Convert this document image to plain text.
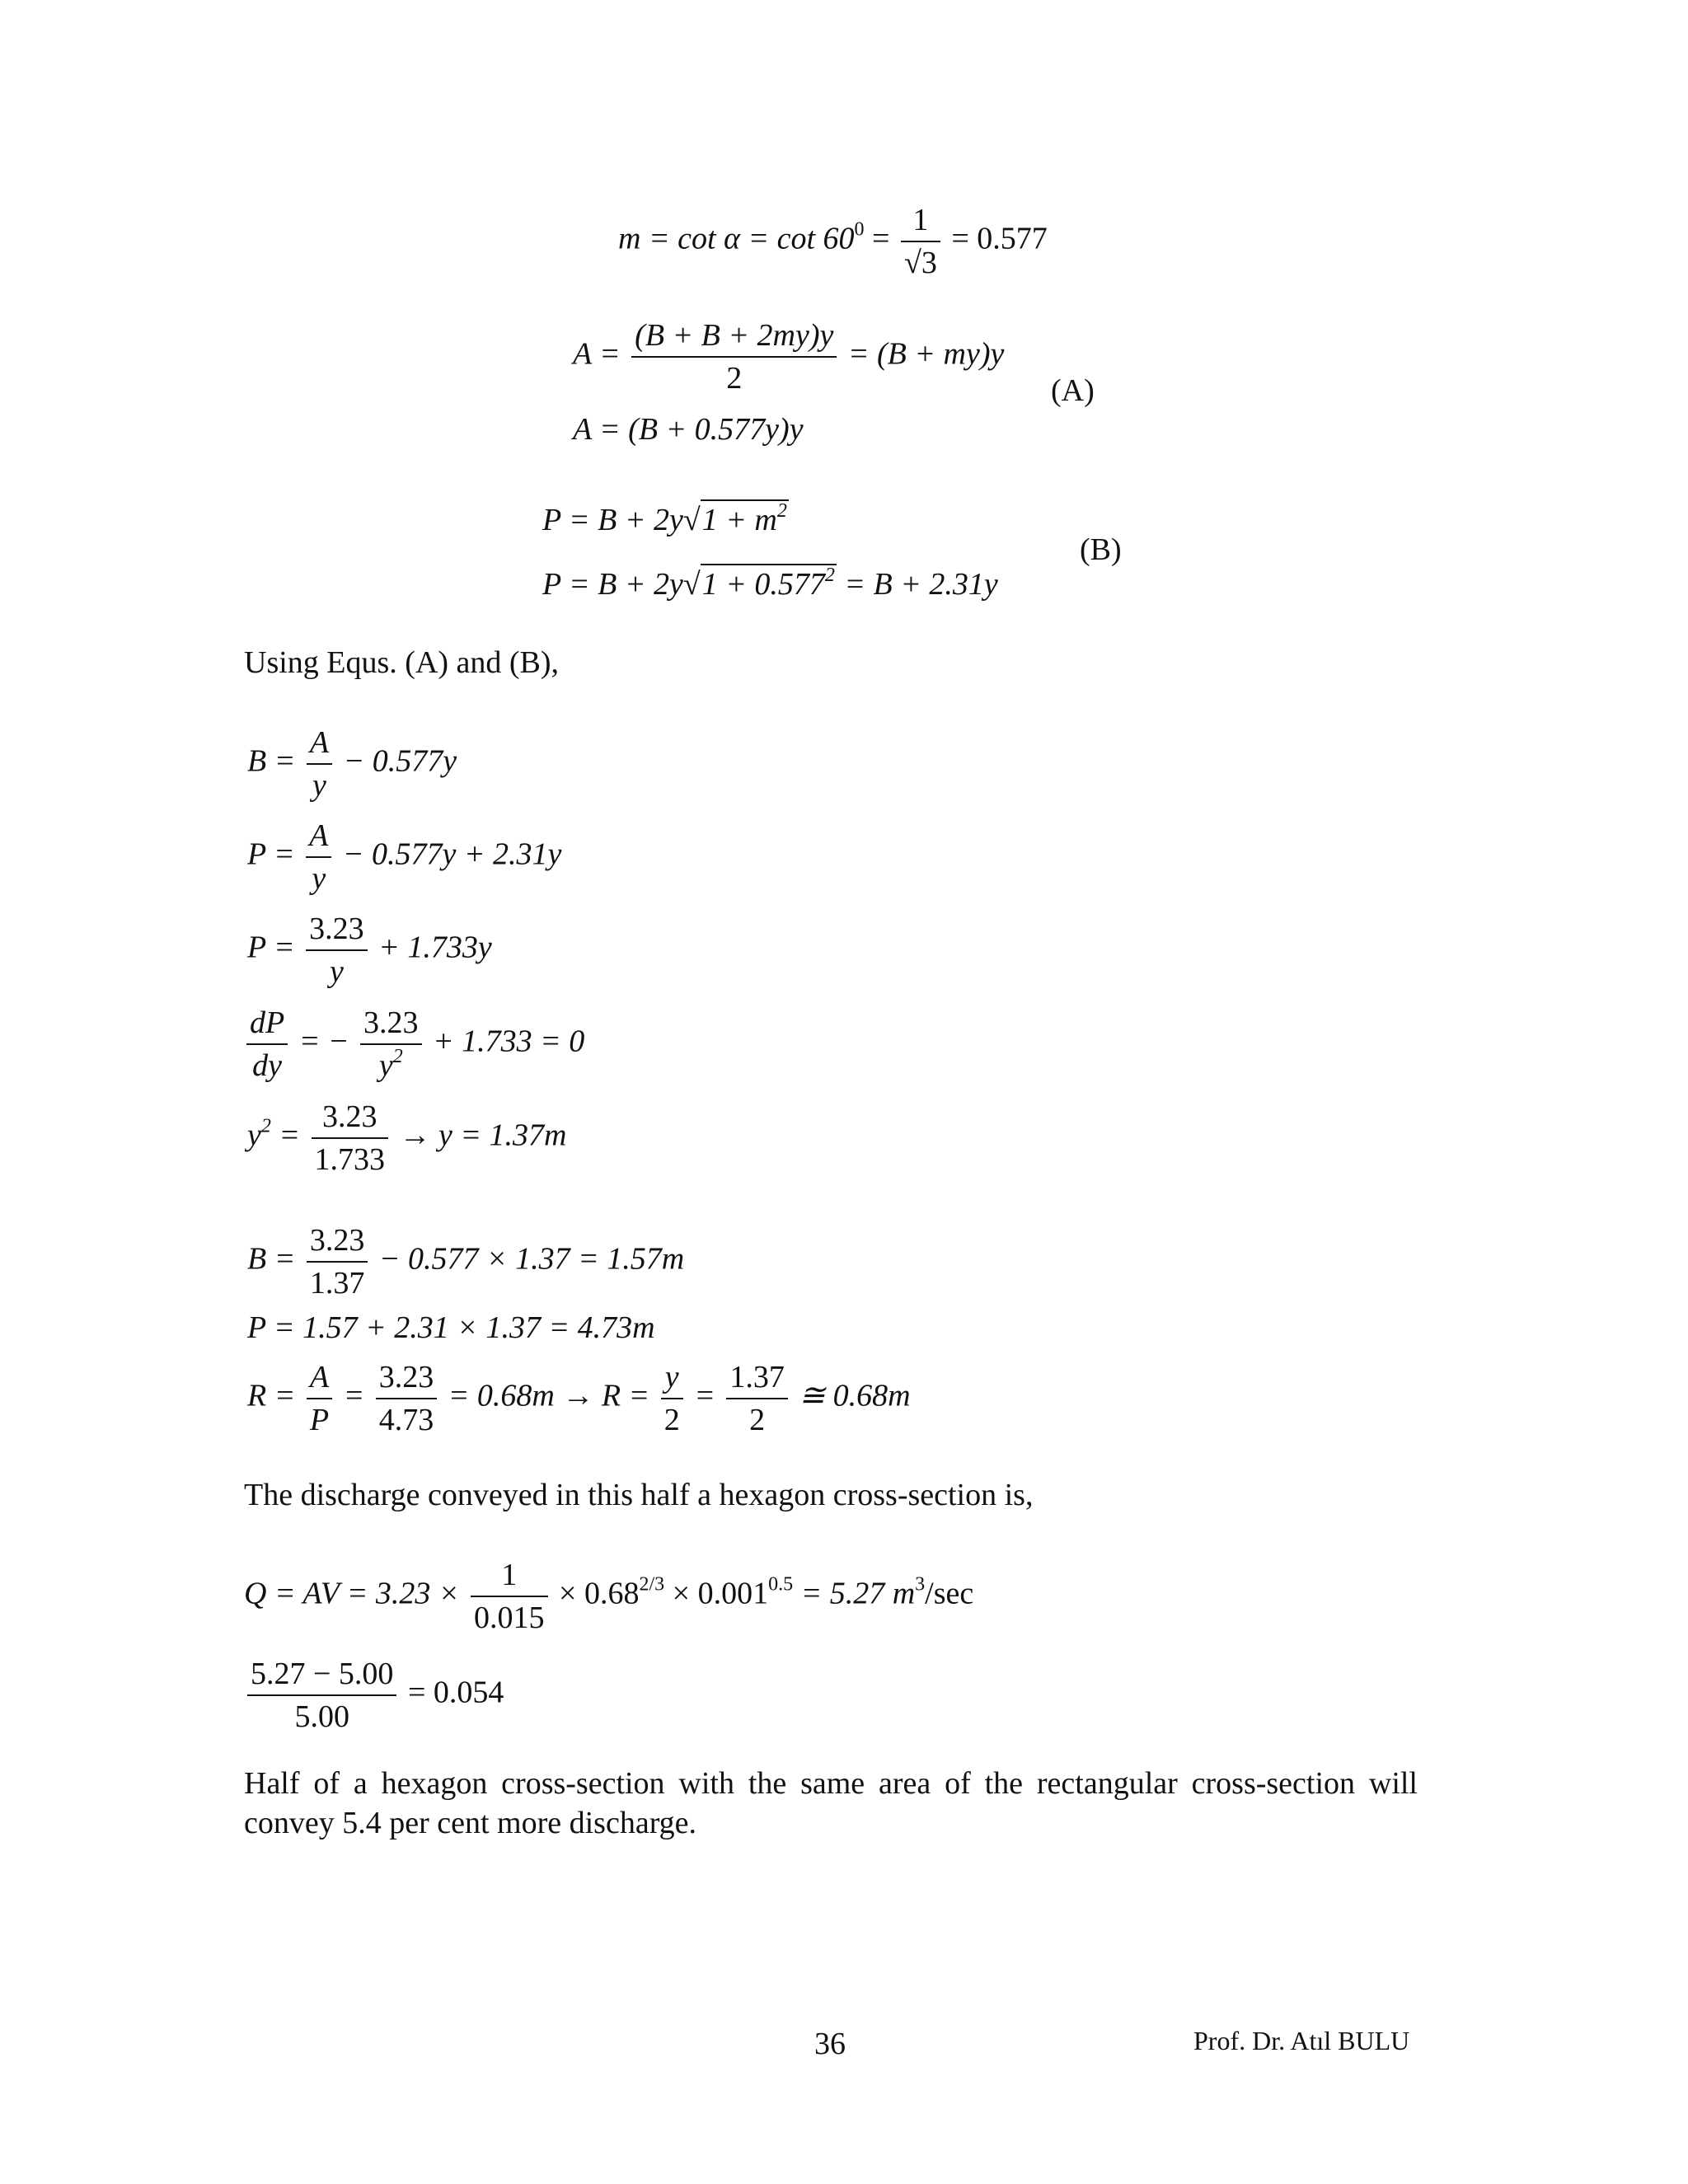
$m = \cot \alpha = \cot 60^0 = \frac{1}{√3} = 0.577$
$A = \frac{(B + B + 2my)y}{2} = (B + my)y$
A = (B + 0.577y)y
(A)
$P = B + 2y√1 + m^2$
$P = B + 2y√1 + 0.577^2 = B + 2.31y$
(B)
Using Equs. (A) and (B),
$B = \frac{A}{y} - 0.577y$
$P = \frac{A}{y} - 0.577y + 2.31y$
$P = \frac{3.23}{y} + 1.733y$
$\frac{dP}{dy}$ = − $\frac{3.23}{y^2} + 1.733 = 0$
$y^2 = \frac{3.23}{1.733} \to y = 1.37m$
$B = \frac{3.23}{1.37} - 0.577 \times 1.37 = 1.57m$
P = 1.57 + 2.31 × 1.37 = 4.73m
$R = \frac{A}{P} = \frac{3.23}{4.73} = 0.68m \to R = \frac{y}{2} = \frac{1.37}{2}$ ≅ 0.68m
The discharge conveyed in this half a hexagon cross-section is,
Q = AV = $3.23 \times \frac{1}{0.015} \times 0.68^{2/3} \times 0.001^{0.5} = 5.27$ $m^3/\sec$
$\frac{5.27 - 5.00}{5.00} = 0.054$
Half of a hexagon cross-section with the same area of the rectangular cross-section will convey 5.4 per cent more discharge.
36	Prof. Dr. Atıl BULU
